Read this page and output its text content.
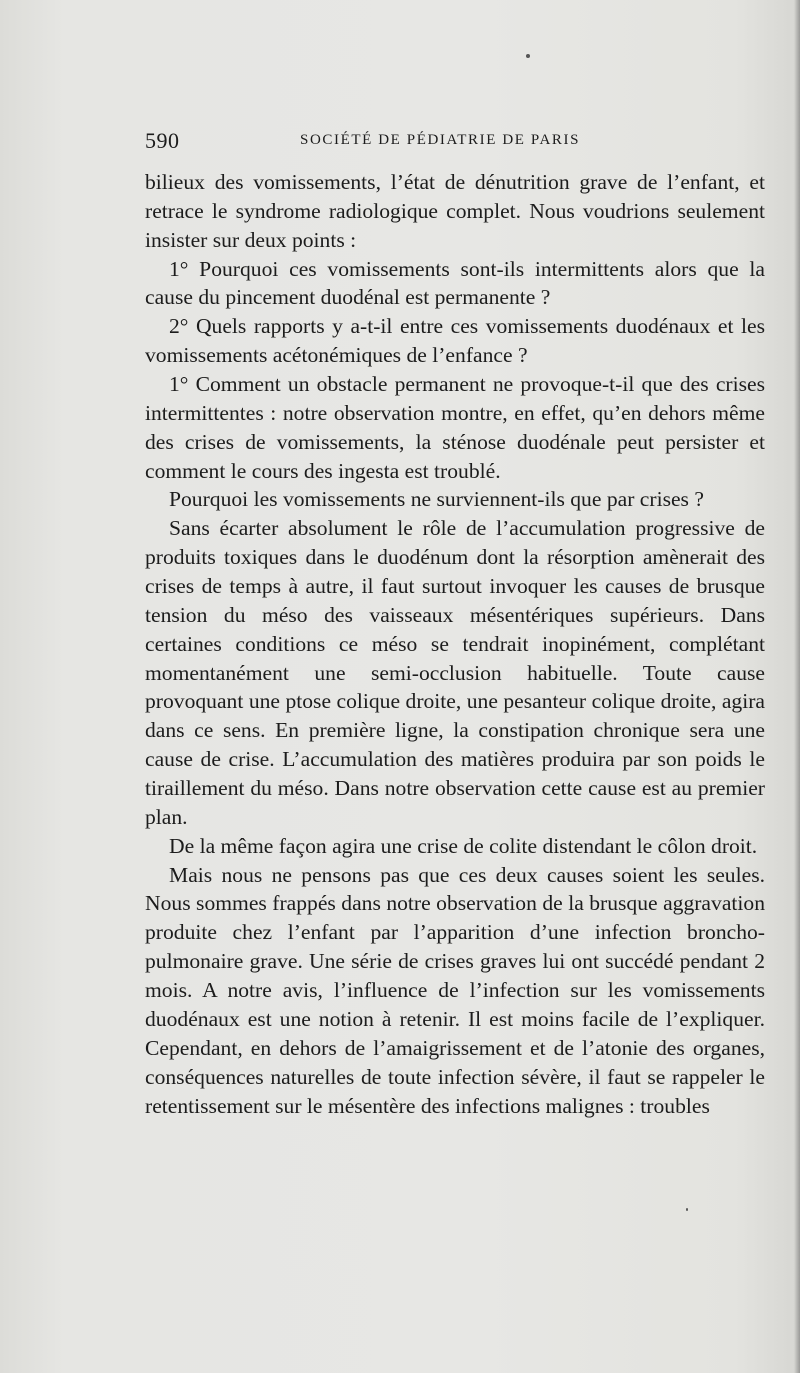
590	SOCIÉTÉ DE PÉDIATRIE DE PARIS

bilieux des vomissements, l’état de dénutrition grave de l’enfant, et retrace le syndrome radiologique complet. Nous voudrions seulement insister sur deux points :

1° Pourquoi ces vomissements sont-ils intermittents alors que la cause du pincement duodénal est permanente ?

2° Quels rapports y a-t-il entre ces vomissements duodénaux et les vomissements acétonémiques de l’enfance ?

1° Comment un obstacle permanent ne provoque-t-il que des crises intermittentes : notre observation montre, en effet, qu’en dehors même des crises de vomissements, la sténose duodénale peut persister et comment le cours des ingesta est troublé.

Pourquoi les vomissements ne surviennent-ils que par crises ?

Sans écarter absolument le rôle de l’accumulation progressive de produits toxiques dans le duodénum dont la résorption amènerait des crises de temps à autre, il faut surtout invoquer les causes de brusque tension du méso des vaisseaux mésentériques supérieurs. Dans certaines conditions ce méso se tendrait inopinément, complétant momentanément une semi-occlusion habituelle. Toute cause provoquant une ptose colique droite, une pesanteur colique droite, agira dans ce sens. En première ligne, la constipation chronique sera une cause de crise. L’accumulation des matières produira par son poids le tiraillement du méso. Dans notre observation cette cause est au premier plan.

De la même façon agira une crise de colite distendant le côlon droit.

Mais nous ne pensons pas que ces deux causes soient les seules. Nous sommes frappés dans notre observation de la brusque aggravation produite chez l’enfant par l’apparition d’une infection broncho-pulmonaire grave. Une série de crises graves lui ont succédé pendant 2 mois. A notre avis, l’influence de l’infection sur les vomissements duodénaux est une notion à retenir. Il est moins facile de l’expliquer. Cependant, en dehors de l’amaigrissement et de l’atonie des organes, conséquences naturelles de toute infection sévère, il faut se rappeler le retentissement sur le mésentère des infections malignes : troubles
